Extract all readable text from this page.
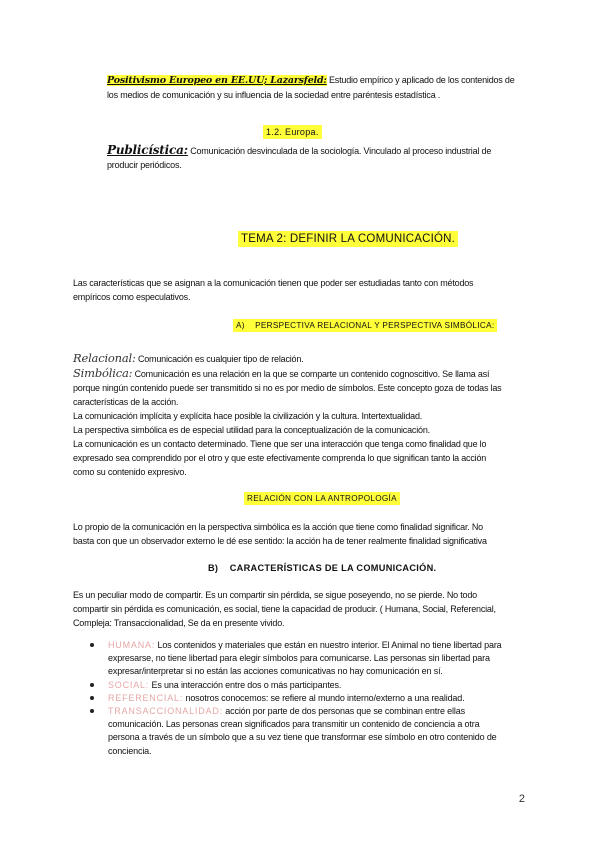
Positivismo Europeo en EE.UU; Lazarsfeld: Estudio empírico y aplicado de los contenidos de
los medios de comunicación y su influencia de la sociedad entre paréntesis estadística .
1.2. Europa.
Publicística: Comunicación desvinculada de la sociología. Vinculado al proceso industrial de
producir periódicos.
TEMA 2: DEFINIR LA COMUNICACIÓN.
Las características que se asignan a la comunicación tienen que poder ser estudiadas tanto con métodos
empíricos como especulativos.
A)    PERSPECTIVA RELACIONAL Y PERSPECTIVA SIMBÓLICA:
Relacional: Comunicación es cualquier tipo de relación.
Simbólica: Comunicación es una relación en la que se comparte un contenido cognoscitivo. Se llama así
porque ningún contenido puede ser transmitido si no es por medio de símbolos. Este concepto goza de todas las
características de la acción.
La comunicación implícita y explícita hace posible la civilización y la cultura. Intertextualidad.
La perspectiva simbólica es de especial utilidad para la conceptualización de la comunicación.
La comunicación es un contacto determinado. Tiene que ser una interacción que tenga como finalidad que lo
expresado sea comprendido por el otro y que este efectivamente comprenda lo que significan tanto la acción
como su contenido expresivo.
RELACIÓN CON LA ANTROPOLOGÍA
Lo propio de la comunicación en la perspectiva simbólica es la acción que tiene como finalidad significar. No
basta con que un observador externo le dé ese sentido: la acción ha de tener realmente finalidad significativa
B)    CARACTERÍSTICAS DE LA COMUNICACIÓN.
Es un peculiar modo de compartir. Es un compartir sin pérdida, se sigue poseyendo, no se pierde. No todo
compartir sin pérdida es comunicación, es social, tiene la capacidad de producir. ( Humana, Social, Referencial,
Compleja: Transaccionalidad, Se da en presente vivido.
HUMANA: Los contenidos y materiales que están en nuestro interior. El Animal no tiene libertad para
expresarse, no tiene libertad para elegir símbolos para comunicarse. Las personas sin libertad para
expresar/interpretar si no están las acciones comunicativas no hay comunicación en sí.
SOCIAL: Es una interacción entre dos o más participantes.
REFERENCIAL: nosotros conocemos: se refiere al mundo interno/externo a una realidad.
TRANSACCIONALIDAD: acción por parte de dos personas que se combinan entre ellas
comunicación. Las personas crean significados para transmitir un contenido de conciencia a otra
persona a través de un símbolo que a su vez tiene que transformar ese símbolo en otro contenido de
conciencia.
2
